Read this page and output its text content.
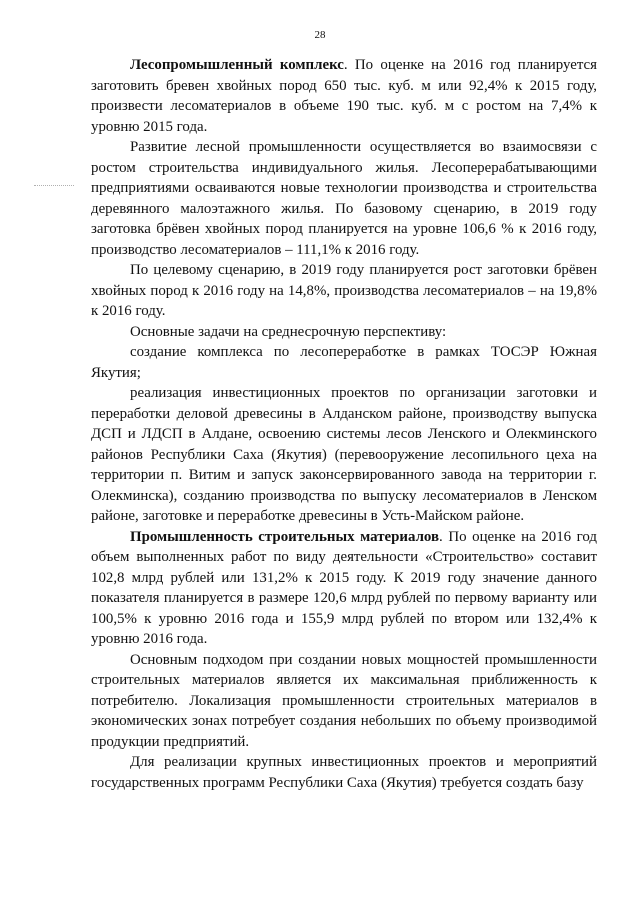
28

Лесопромышленный комплекс. По оценке на 2016 год планируется заготовить бревен хвойных пород 650 тыс. куб. м или 92,4% к 2015 году, произвести лесоматериалов в объеме 190 тыс. куб. м с ростом на 7,4% к уровню 2015 года.

Развитие лесной промышленности осуществляется во взаимосвязи с ростом строительства индивидуального жилья. Лесоперерабатывающими предприятиями осваиваются новые технологии производства и строительства деревянного малоэтажного жилья. По базовому сценарию, в 2019 году заготовка брёвен хвойных пород планируется на уровне 106,6 % к 2016 году, производство лесоматериалов – 111,1% к 2016 году.

По целевому сценарию, в 2019 году планируется рост заготовки брёвен хвойных пород к 2016 году на 14,8%, производства лесоматериалов – на 19,8% к 2016 году.

Основные задачи на среднесрочную перспективу:

создание комплекса по лесопереработке в рамках ТОСЭР Южная Якутия;

реализация инвестиционных проектов по организации заготовки и переработки деловой древесины в Алданском районе, производству выпуска ДСП и ЛДСП в Алдане, освоению системы лесов Ленского и Олекминского районов Республики Саха (Якутия) (перевооружение лесопильного цеха на территории п. Витим и запуск законсервированного завода на территории г. Олекминска), созданию производства по выпуску лесоматериалов в Ленском районе, заготовке и переработке древесины в Усть-Майском районе.

Промышленность строительных материалов. По оценке на 2016 год объем выполненных работ по виду деятельности «Строительство» составит 102,8 млрд рублей или 131,2% к 2015 году. К 2019 году значение данного показателя планируется в размере 120,6 млрд рублей по первому варианту или 100,5% к уровню 2016 года и 155,9 млрд рублей по втором или 132,4% к уровню 2016 года.

Основным подходом при создании новых мощностей промышленности строительных материалов является их максимальная приближенность к потребителю. Локализация промышленности строительных материалов в экономических зонах потребует создания небольших по объему производимой продукции предприятий.

Для реализации крупных инвестиционных проектов и мероприятий государственных программ Республики Саха (Якутия) требуется создать базу
